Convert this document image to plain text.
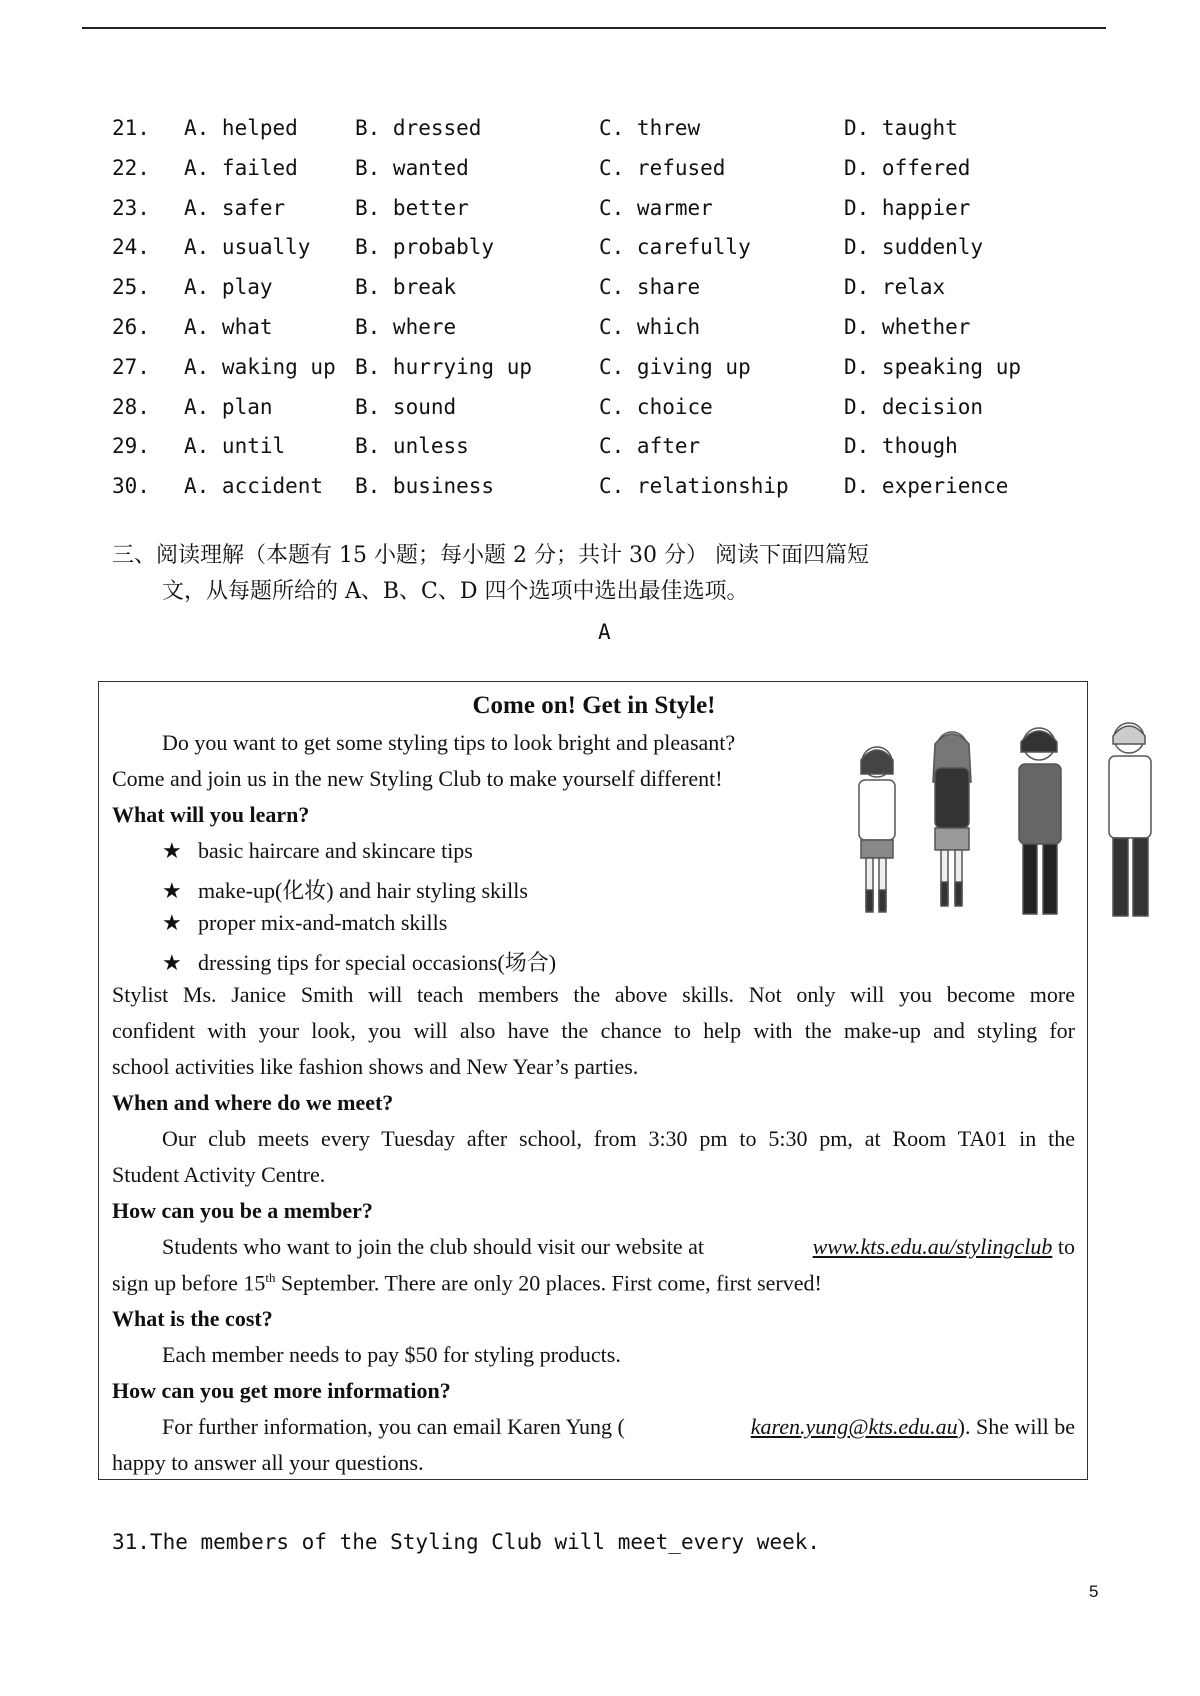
21. A. helped	B. dressed	C. threw	D. taught
22. A. failed	B. wanted	C. refused	D. offered
23. A. safer	B. better	C. warmer	D. happier
24. A. usually B. probably	C. carefully	D. suddenly
25. A. play	B. break	C. share	D. relax
26. A. what	B. where	C. which	D. whether
27. A. waking up B. hurrying up	C. giving up	D. speaking up
28. A. plan	B. sound	C. choice	D. decision
29. A. until	B. unless	C. after	D. though
30. A. accident B. business	C. relationship	D. experience
三、阅读理解（本题有 15 小题；每小题 2 分；共计 30 分） 阅读下面四篇短
文，从每题所给的 A、B、C、D 四个选项中选出最佳选项。
A
Come on! Get in Style!
Do you want to get some styling tips to look bright and pleasant?
Come and join us in the new Styling Club to make yourself different!
What will you learn?
★ basic haircare and skincare tips
★ make-up(化妆) and hair styling skills
★ proper mix-and-match skills
★ dressing tips for special occasions(场合)
Stylist Ms. Janice Smith will teach members the above skills. Not only will you become more
confident with your look, you will also have the chance to help with the make-up and styling for
school activities like fashion shows and New Year’s parties.
When and where do we meet?
Our club meets every Tuesday after school, from 3:30 pm to 5:30 pm, at Room TA01 in the
Student Activity Centre.
How can you be a member?
Students who want to join the club should visit our website at	www.kts.edu.au/stylingclub to
sign up before 15th September. There are only 20 places. First come, first served!
What is the cost?
Each member needs to pay $50 for styling products.
How can you get more information?
For further information, you can email Karen Yung (	karen.yung@kts.edu.au). She will be
happy to answer all your questions.
31.The members of the Styling Club will meet_every week.
5
